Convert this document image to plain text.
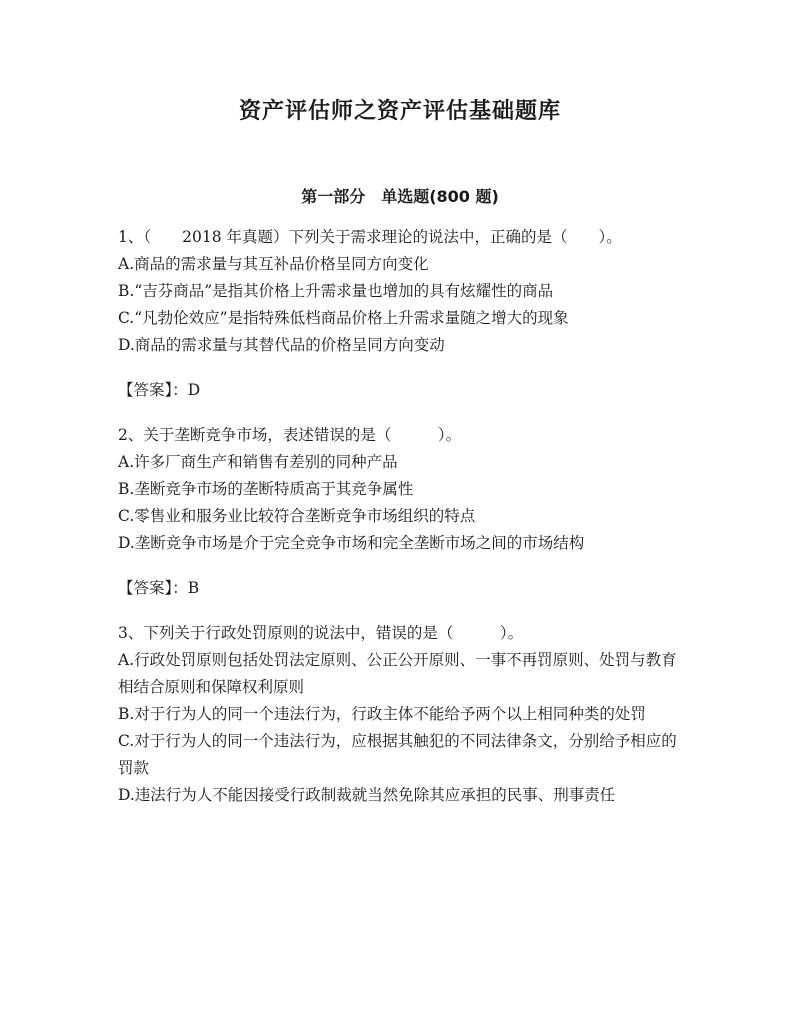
资产评估师之资产评估基础题库
第一部分　单选题(800 题)

1、（　　2018 年真题）下列关于需求理论的说法中，正确的是（　　）。

A.商品的需求量与其互补品价格呈同方向变化

B.“吉芬商品”是指其价格上升需求量也增加的具有炫耀性的商品

C.“凡勃伦效应”是指特殊低档商品价格上升需求量随之增大的现象

D.商品的需求量与其替代品的价格呈同方向变动

【答案】：D

2、关于垄断竞争市场，表述错误的是（　　　）。

A.许多厂商生产和销售有差别的同种产品

B.垄断竞争市场的垄断特质高于其竞争属性

C.零售业和服务业比较符合垄断竞争市场组织的特点

D.垄断竞争市场是介于完全竞争市场和完全垄断市场之间的市场结构

【答案】：B

3、下列关于行政处罚原则的说法中，错误的是（　　　）。

A.行政处罚原则包括处罚法定原则、公正公开原则、一事不再罚原则、处罚与教育相结合原则和保障权利原则

B.对于行为人的同一个违法行为，行政主体不能给予两个以上相同种类的处罚

C.对于行为人的同一个违法行为，应根据其触犯的不同法律条文，分别给予相应的罚款

D.违法行为人不能因接受行政制裁就当然免除其应承担的民事、刑事责任
